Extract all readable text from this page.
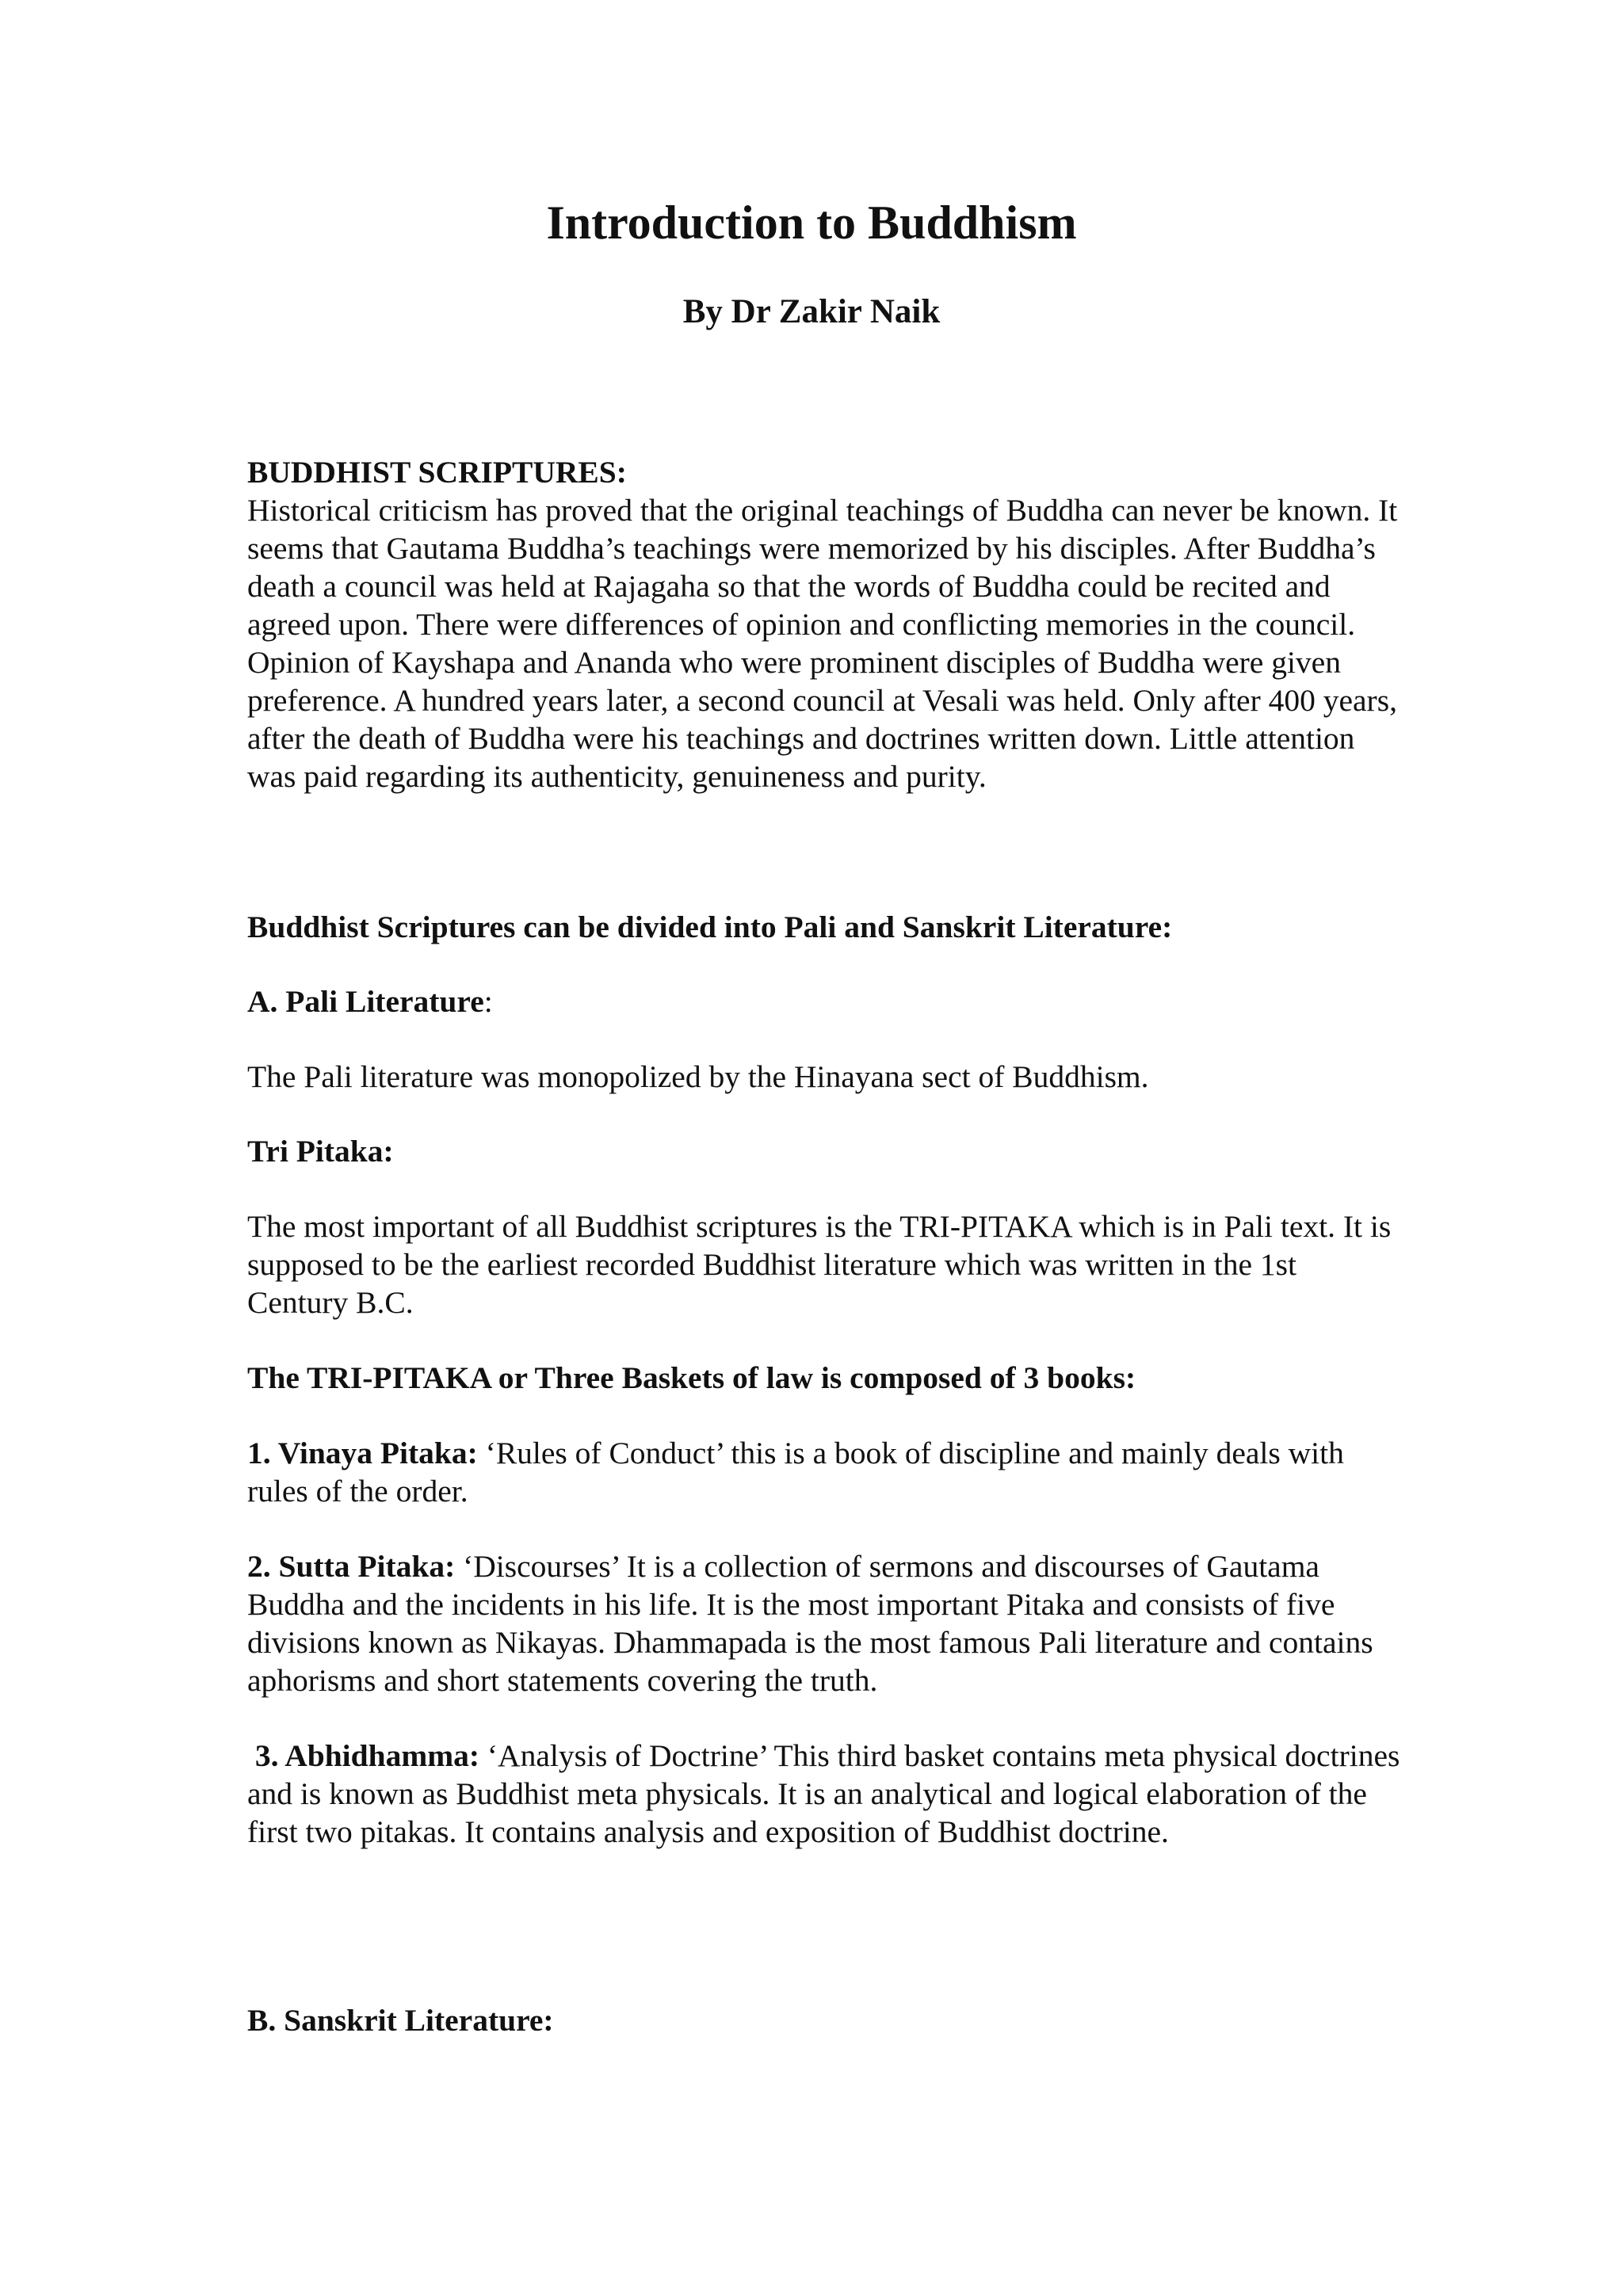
Introduction to Buddhism
By Dr Zakir Naik

BUDDHIST SCRIPTURES:

Historical criticism has proved that the original teachings of Buddha can never be known. It seems that Gautama Buddha’s teachings were memorized by his disciples. After Buddha’s death a council was held at Rajagaha so that the words of Buddha could be recited and agreed upon. There were differences of opinion and conflicting memories in the council. Opinion of Kayshapa and Ananda who were prominent disciples of Buddha were given preference. A hundred years later, a second council at Vesali was held. Only after 400 years, after the death of Buddha were his teachings and doctrines written down. Little attention was paid regarding its authenticity, genuineness and purity.

Buddhist Scriptures can be divided into Pali and Sanskrit Literature:

A. Pali Literature:

The Pali literature was monopolized by the Hinayana sect of Buddhism.

Tri Pitaka:

The most important of all Buddhist scriptures is the TRI-PITAKA which is in Pali text. It is supposed to be the earliest recorded Buddhist literature which was written in the 1st Century B.C.

The TRI-PITAKA or Three Baskets of law is composed of 3 books:

1. Vinaya Pitaka: ‘Rules of Conduct’ this is a book of discipline and mainly deals with rules of the order.

2. Sutta Pitaka: ‘Discourses’ It is a collection of sermons and discourses of Gautama Buddha and the incidents in his life. It is the most important Pitaka and consists of five divisions known as Nikayas. Dhammapada is the most famous Pali literature and contains aphorisms and short statements covering the truth.

3. Abhidhamma: ‘Analysis of Doctrine’ This third basket contains meta physical doctrines and is known as Buddhist meta physicals. It is an analytical and logical elaboration of the first two pitakas. It contains analysis and exposition of Buddhist doctrine.

B. Sanskrit Literature:
